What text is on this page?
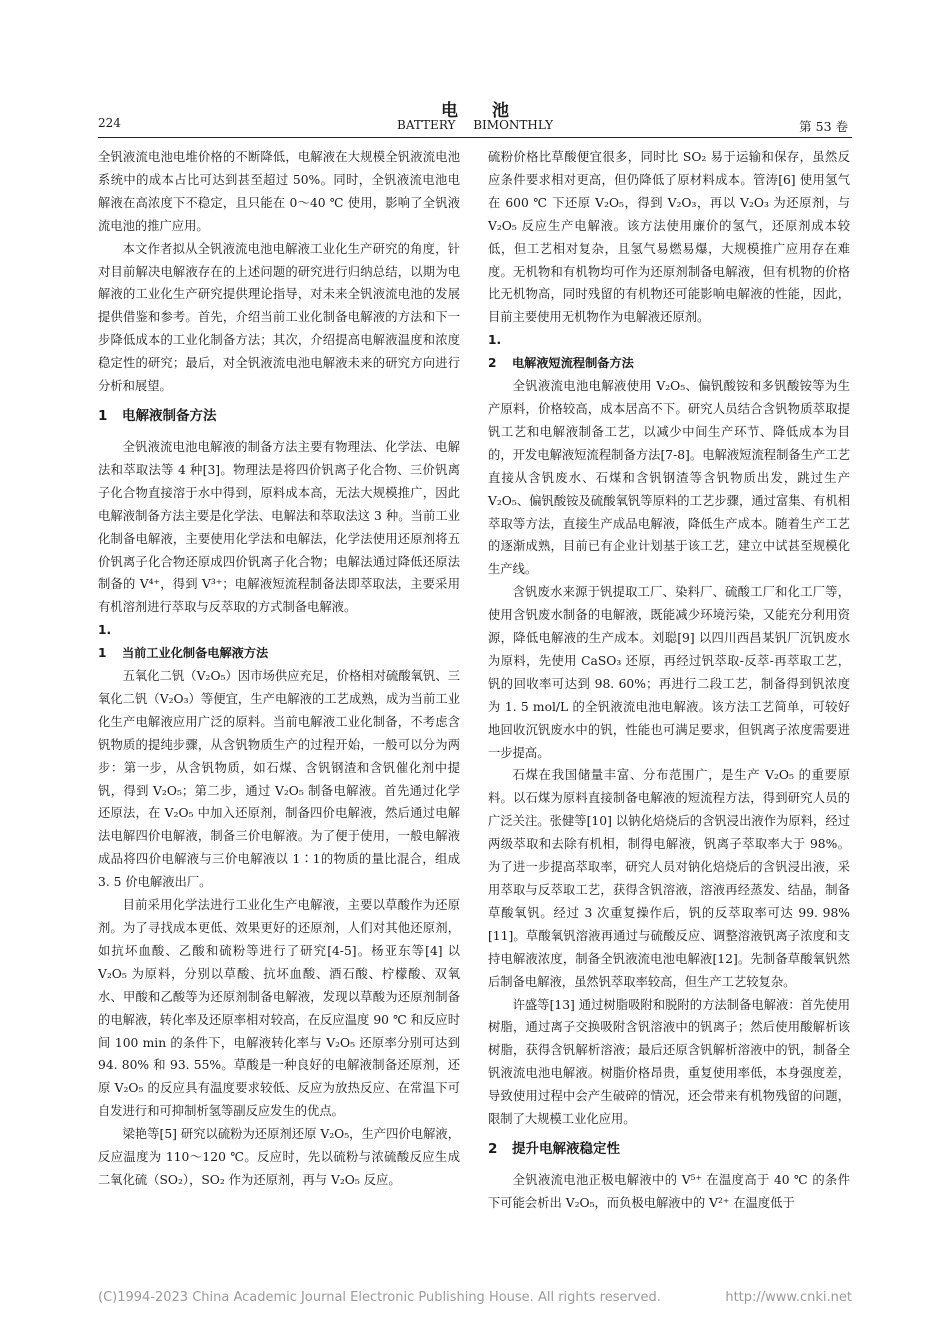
电池
224	BATTERY BIMONTHLY	第 53 卷

全钒液流电池电堆价格的不断降低，电解液在大规模全钒液流电池系统中的成本占比可达到甚至超过 50%。同时，全钒液流电池电解液在高浓度下不稳定，且只能在 0～40 ℃ 使用，影响了全钒液流电池的推广应用。

本文作者拟从全钒液流电池电解液工业化生产研究的角度，针对目前解决电解液存在的上述问题的研究进行归纳总结，以期为电解液的工业化生产研究提供理论指导，对未来全钒液流电池的发展提供借鉴和参考。首先，介绍当前工业化制备电解液的方法和下一步降低成本的工业化制备方法；其次，介绍提高电解液温度和浓度稳定性的研究；最后，对全钒液流电池电解液未来的研究方向进行分析和展望。

1 电解液制备方法

全钒液流电池电解液的制备方法主要有物理法、化学法、电解法和萃取法等 4 种[3]。物理法是将四价钒离子化合物、三价钒离子化合物直接溶于水中得到，原料成本高，无法大规模推广，因此电解液制备方法主要是化学法、电解法和萃取法这 3 种。当前工业化制备电解液，主要使用化学法和电解法，化学法使用还原剂将五价钒离子化合物还原成四价钒离子化合物；电解法通过降低还原法制备的 V⁴⁺，得到 V³⁺；电解液短流程制备法即萃取法，主要采用有机溶剂进行萃取与反萃取的方式制备电解液。

1. 1 当前工业化制备电解液方法

五氧化二钒（V₂O₅）因市场供应充足，价格相对硫酸氧钒、三氧化二钒（V₂O₃）等便宜，生产电解液的工艺成熟，成为当前工业化生产电解液应用广泛的原料。当前电解液工业化制备，不考虑含钒物质的提纯步骤，从含钒物质生产的过程开始，一般可以分为两步：第一步，从含钒物质，如石煤、含钒钢渣和含钒催化剂中提钒，得到 V₂O₅；第二步，通过 V₂O₅ 制备电解液。首先通过化学还原法，在 V₂O₅ 中加入还原剂，制备四价电解液，然后通过电解法电解四价电解液，制备三价电解液。为了便于使用，一般电解液成品将四价电解液与三价电解液以 1∶1的物质的量比混合，组成 3. 5 价电解液出厂。

目前采用化学法进行工业化生产电解液，主要以草酸作为还原剂。为了寻找成本更低、效果更好的还原剂，人们对其他还原剂，如抗坏血酸、乙酸和硫粉等进行了研究[4-5]。杨亚东等[4] 以 V₂O₅ 为原料，分别以草酸、抗坏血酸、酒石酸、柠檬酸、双氧水、甲酸和乙酸等为还原剂制备电解液，发现以草酸为还原剂制备的电解液，转化率及还原率相对较高，在反应温度 90 ℃ 和反应时间 100 min 的条件下，电解液转化率与 V₂O₅ 还原率分别可达到 94. 80% 和 93. 55%。草酸是一种良好的电解液制备还原剂，还原 V₂O₅ 的反应具有温度要求较低、反应为放热反应、在常温下可自发进行和可抑制析氢等副反应发生的优点。

梁艳等[5] 研究以硫粉为还原剂还原 V₂O₅，生产四价电解液，反应温度为 110～120 ℃。反应时，先以硫粉与浓硫酸反应生成二氧化硫（SO₂），SO₂ 作为还原剂，再与 V₂O₅ 反应。

硫粉价格比草酸便宜很多，同时比 SO₂ 易于运输和保存，虽然反应条件要求相对更高，但仍降低了原材料成本。管涛[6] 使用氢气在 600 ℃ 下还原 V₂O₅，得到 V₂O₃，再以 V₂O₃ 为还原剂，与 V₂O₅ 反应生产电解液。该方法使用廉价的氢气，还原剂成本较低，但工艺相对复杂，且氢气易燃易爆，大规模推广应用存在难度。无机物和有机物均可作为还原剂制备电解液，但有机物的价格比无机物高，同时残留的有机物还可能影响电解液的性能，因此，目前主要使用无机物作为电解液还原剂。

1. 2 电解液短流程制备方法

全钒液流电池电解液使用 V₂O₅、偏钒酸铵和多钒酸铵等为生产原料，价格较高，成本居高不下。研究人员结合含钒物质萃取提钒工艺和电解液制备工艺，以减少中间生产环节、降低成本为目的，开发电解液短流程制备方法[7-8]。电解液短流程制备生产工艺直接从含钒废水、石煤和含钒钢渣等含钒物质出发，跳过生产 V₂O₅、偏钒酸铵及硫酸氧钒等原料的工艺步骤，通过富集、有机相萃取等方法，直接生产成品电解液，降低生产成本。随着生产工艺的逐渐成熟，目前已有企业计划基于该工艺，建立中试甚至规模化生产线。

含钒废水来源于钒提取工厂、染料厂、硫酸工厂和化工厂等，使用含钒废水制备的电解液，既能减少环境污染，又能充分利用资源，降低电解液的生产成本。刘聪[9] 以四川西昌某钒厂沉钒废水为原料，先使用 CaSO₃ 还原，再经过钒萃取-反萃-再萃取工艺，钒的回收率可达到 98. 60%；再进行二段工艺，制备得到钒浓度为 1. 5 mol/L 的全钒液流电池电解液。该方法工艺简单，可较好地回收沉钒废水中的钒，性能也可满足要求，但钒离子浓度需要进一步提高。

石煤在我国储量丰富、分布范围广，是生产 V₂O₅ 的重要原料。以石煤为原料直接制备电解液的短流程方法，得到研究人员的广泛关注。张健等[10] 以钠化焙烧后的含钒浸出液作为原料，经过两级萃取和去除有机相，制得电解液，钒离子萃取率大于 98%。为了进一步提高萃取率，研究人员对钠化焙烧后的含钒浸出液，采用萃取与反萃取工艺，获得含钒溶液，溶液再经蒸发、结晶，制备草酸氧钒。经过 3 次重复操作后，钒的反萃取率可达 99. 98%[11]。草酸氧钒溶液再通过与硫酸反应、调整溶液钒离子浓度和支持电解液浓度，制备全钒液流电池电解液[12]。先制备草酸氧钒然后制备电解液，虽然钒萃取率较高，但生产工艺较复杂。

许盛等[13] 通过树脂吸附和脱附的方法制备电解液：首先使用树脂，通过离子交换吸附含钒溶液中的钒离子；然后使用酸解析该树脂，获得含钒解析溶液；最后还原含钒解析溶液中的钒，制备全钒液流电池电解液。树脂价格昂贵，重复使用率低，本身强度差，导致使用过程中会产生破碎的情况，还会带来有机物残留的问题，限制了大规模工业化应用。

2 提升电解液稳定性

全钒液流电池正极电解液中的 V⁵⁺ 在温度高于 40 ℃ 的条件下可能会析出 V₂O₅，而负极电解液中的 V²⁺ 在温度低于

(C)1994-2023 China Academic Journal Electronic Publishing House. All rights reserved.	http://www.cnki.net
